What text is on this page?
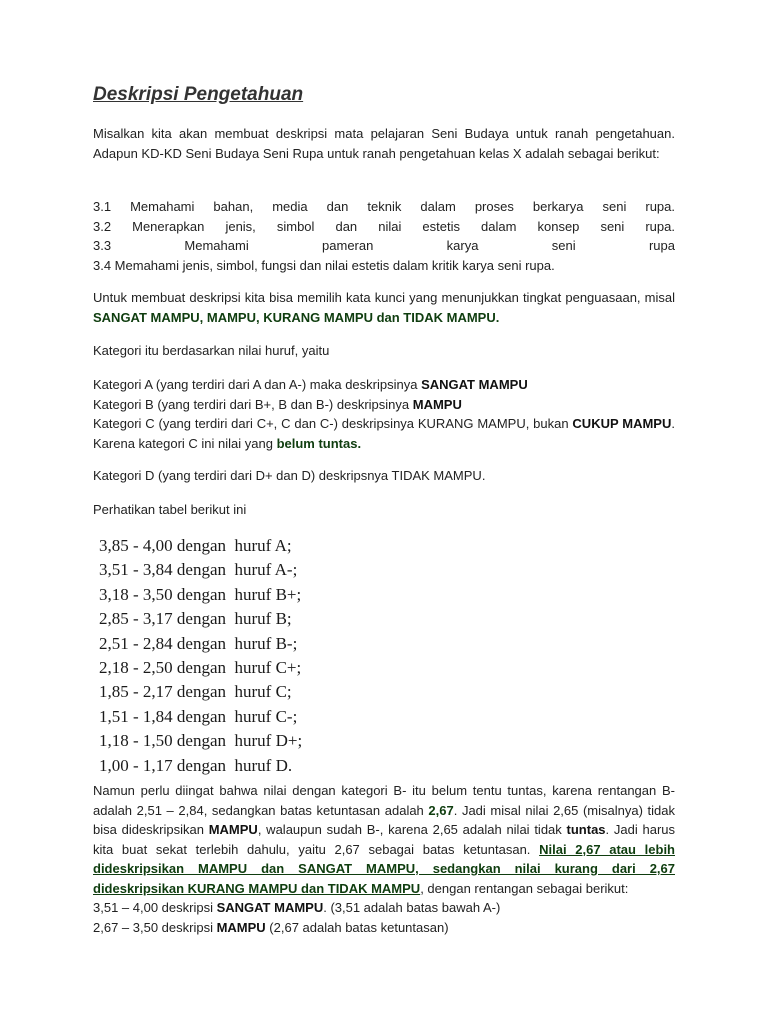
Deskripsi Pengetahuan
Misalkan kita akan membuat deskripsi mata pelajaran Seni Budaya untuk ranah pengetahuan. Adapun KD-KD Seni Budaya Seni Rupa untuk ranah pengetahuan kelas X adalah sebagai berikut:
3.1 Memahami bahan, media dan teknik dalam proses berkarya seni rupa.
3.2 Menerapkan jenis, simbol dan nilai estetis dalam konsep seni rupa.
3.3 Memahami pameran karya seni rupa
3.4 Memahami jenis, simbol, fungsi dan nilai estetis dalam kritik karya seni rupa.
Untuk membuat deskripsi kita bisa memilih kata kunci yang menunjukkan tingkat penguasaan, misal SANGAT MAMPU, MAMPU, KURANG MAMPU dan TIDAK MAMPU.
Kategori itu berdasarkan nilai huruf, yaitu
Kategori A (yang terdiri dari A dan A-) maka deskripsinya SANGAT MAMPU
Kategori B (yang terdiri dari B+, B dan B-) deskripsinya MAMPU
Kategori C (yang terdiri dari C+, C dan C-) deskripsinya KURANG MAMPU, bukan CUKUP MAMPU. Karena kategori C ini nilai yang belum tuntas.
Kategori D (yang terdiri dari D+ dan D) deskripsnya TIDAK MAMPU.
Perhatikan tabel berikut ini
3,85 - 4,00 dengan  huruf A;
3,51 - 3,84 dengan  huruf A-;
3,18 - 3,50 dengan  huruf B+;
2,85 - 3,17 dengan  huruf B;
2,51 - 2,84 dengan  huruf B-;
2,18 - 2,50 dengan  huruf C+;
1,85 - 2,17 dengan  huruf C;
1,51 - 1,84 dengan  huruf C-;
1,18 - 1,50 dengan  huruf D+;
1,00 - 1,17 dengan  huruf D.
Namun perlu diingat bahwa nilai dengan kategori B- itu belum tentu tuntas, karena rentangan B- adalah 2,51 – 2,84, sedangkan batas ketuntasan adalah 2,67. Jadi misal nilai 2,65 (misalnya) tidak bisa dideskripsikan MAMPU, walaupun sudah B-, karena 2,65 adalah nilai tidak tuntas. Jadi harus kita buat sekat terlebih dahulu, yaitu 2,67 sebagai batas ketuntasan. Nilai 2,67 atau lebih dideskripsikan MAMPU dan SANGAT MAMPU, sedangkan nilai kurang dari 2,67 dideskripsikan KURANG MAMPU dan TIDAK MAMPU, dengan rentangan sebagai berikut:
3,51 – 4,00 deskripsi SANGAT MAMPU. (3,51 adalah batas bawah A-)
2,67 – 3,50 deskripsi MAMPU (2,67 adalah batas ketuntasan)
